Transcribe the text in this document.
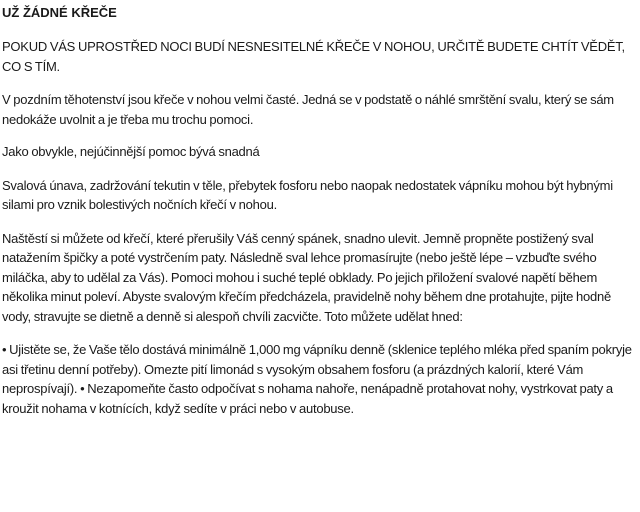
UŽ ŽÁDNÉ KŘEČE

POKUD VÁS UPROSTŘED NOCI BUDÍ NESNESITELNÉ KŘEČE V NOHOU, URČITĚ BUDETE CHTÍT VĚDĚT, CO S TÍM.

V pozdním těhotenství jsou křeče v nohou velmi časté. Jedná se v podstatě o náhlé smrštění svalu, který se sám nedokáže uvolnit a je třeba mu trochu pomoci.

Jako obvykle, nejúčinnější pomoc bývá snadná

Svalová únava, zadržování tekutin v těle, přebytek fosforu nebo naopak nedostatek vápníku mohou být hybnými silami pro vznik bolestivých nočních křečí v nohou.

Naštěstí si můžete od křečí, které přerušily Váš cenný spánek, snadno ulevit. Jemně propněte postižený sval natažením špičky a poté vystrčením paty. Následně sval lehce promasírujte (nebo ještě lépe – vzbuďte svého miláčka, aby to udělal za Vás). Pomoci mohou i suché teplé obklady. Po jejich přiložení svalové napětí během několika minut poleví. Abyste svalovým křečím předcházela, pravidelně nohy během dne protahujte, pijte hodně vody, stravujte se dietně a denně si alespoň chvíli zacvičte. Toto můžete udělat hned:

• Ujistěte se, že Vaše tělo dostává minimálně 1,000 mg vápníku denně (sklenice teplého mléka před spaním pokryje asi třetinu denní potřeby). Omezte pití limonád s vysokým obsahem fosforu (a prázdných kalorií, které Vám neprospívají). • Nezapomeňte často odpočívat s nohama nahoře, nenápadně protahovat nohy, vystrkovat paty a kroužit nohama v kotnících, když sedíte v práci nebo v autobuse.
